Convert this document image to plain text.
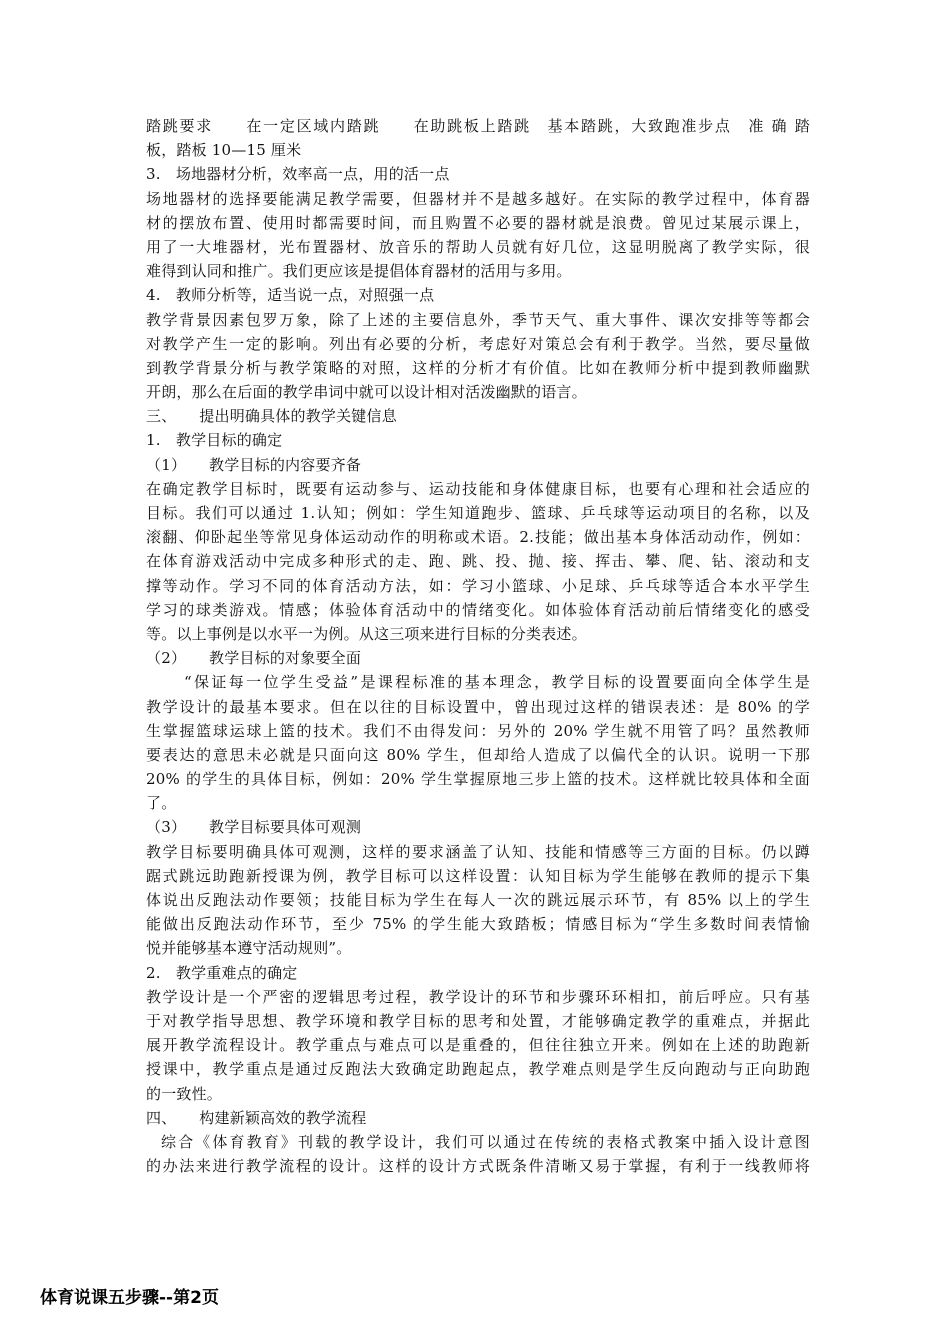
踏跳要求　　在一定区域内踏跳　　在助跳板上踏跳　基本踏跳，大致跑准步点　准 确 踏
板，踏板 10—15 厘米
3.　场地器材分析，效率高一点，用的活一点
场地器材的选择要能满足教学需要，但器材并不是越多越好。在实际的教学过程中，体育器
材的摆放布置、使用时都需要时间，而且购置不必要的器材就是浪费。曾见过某展示课上，
用了一大堆器材，光布置器材、放音乐的帮助人员就有好几位，这显明脱离了教学实际，很
难得到认同和推广。我们更应该是提倡体育器材的活用与多用。
4.　教师分析等，适当说一点，对照强一点
教学背景因素包罗万象，除了上述的主要信息外，季节天气、重大事件、课次安排等等都会
对教学产生一定的影响。列出有必要的分析，考虑好对策总会有利于教学。当然，要尽量做
到教学背景分析与教学策略的对照，这样的分析才有价值。比如在教师分析中提到教师幽默
开朗，那么在后面的教学串词中就可以设计相对活泼幽默的语言。
三、　　提出明确具体的教学关键信息
1.　教学目标的确定
（1）　　教学目标的内容要齐备
在确定教学目标时，既要有运动参与、运动技能和身体健康目标，也要有心理和社会适应的
目标。我们可以通过 1.认知；例如：学生知道跑步、篮球、乒乓球等运动项目的名称，以及
滚翻、仰卧起坐等常见身体运动动作的明称或术语。2.技能；做出基本身体活动动作，例如：
在体育游戏活动中完成多种形式的走、跑、跳、投、抛、接、挥击、攀、爬、钻、滚动和支
撑等动作。学习不同的体育活动方法，如：学习小篮球、小足球、乒乓球等适合本水平学生
学习的球类游戏。情感；体验体育活动中的情绪变化。如体验体育活动前后情绪变化的感受
等。以上事例是以水平一为例。从这三项来进行目标的分类表述。
（2）　　教学目标的对象要全面
“保证每一位学生受益”是课程标准的基本理念，教学目标的设置要面向全体学生是
教学设计的最基本要求。但在以往的目标设置中，曾出现过这样的错误表述：是 80% 的学
生掌握篮球运球上篮的技术。我们不由得发问：另外的 20% 学生就不用管了吗？虽然教师
要表达的意思未必就是只面向这 80% 学生，但却给人造成了以偏代全的认识。说明一下那
20% 的学生的具体目标，例如：20% 学生掌握原地三步上篮的技术。这样就比较具体和全面
了。
（3）　　教学目标要具体可观测
教学目标要明确具体可观测，这样的要求涵盖了认知、技能和情感等三方面的目标。仍以蹲
踞式跳远助跑新授课为例，教学目标可以这样设置：认知目标为学生能够在教师的提示下集
体说出反跑法动作要领；技能目标为学生在每人一次的跳远展示环节，有 85% 以上的学生
能做出反跑法动作环节，至少 75% 的学生能大致踏板；情感目标为“学生多数时间表情愉
悦并能够基本遵守活动规则”。
2.　教学重难点的确定
教学设计是一个严密的逻辑思考过程，教学设计的环节和步骤环环相扣，前后呼应。只有基
于对教学指导思想、教学环境和教学目标的思考和处置，才能够确定教学的重难点，并据此
展开教学流程设计。教学重点与难点可以是重叠的，但往往独立开来。例如在上述的助跑新
授课中，教学重点是通过反跑法大致确定助跑起点，教学难点则是学生反向跑动与正向助跑
的一致性。
四、　　构建新颖高效的教学流程
综合《体育教育》刊载的教学设计，我们可以通过在传统的表格式教案中插入设计意图
的办法来进行教学流程的设计。这样的设计方式既条件清晰又易于掌握，有利于一线教师将
体育说课五步骤--第2页
